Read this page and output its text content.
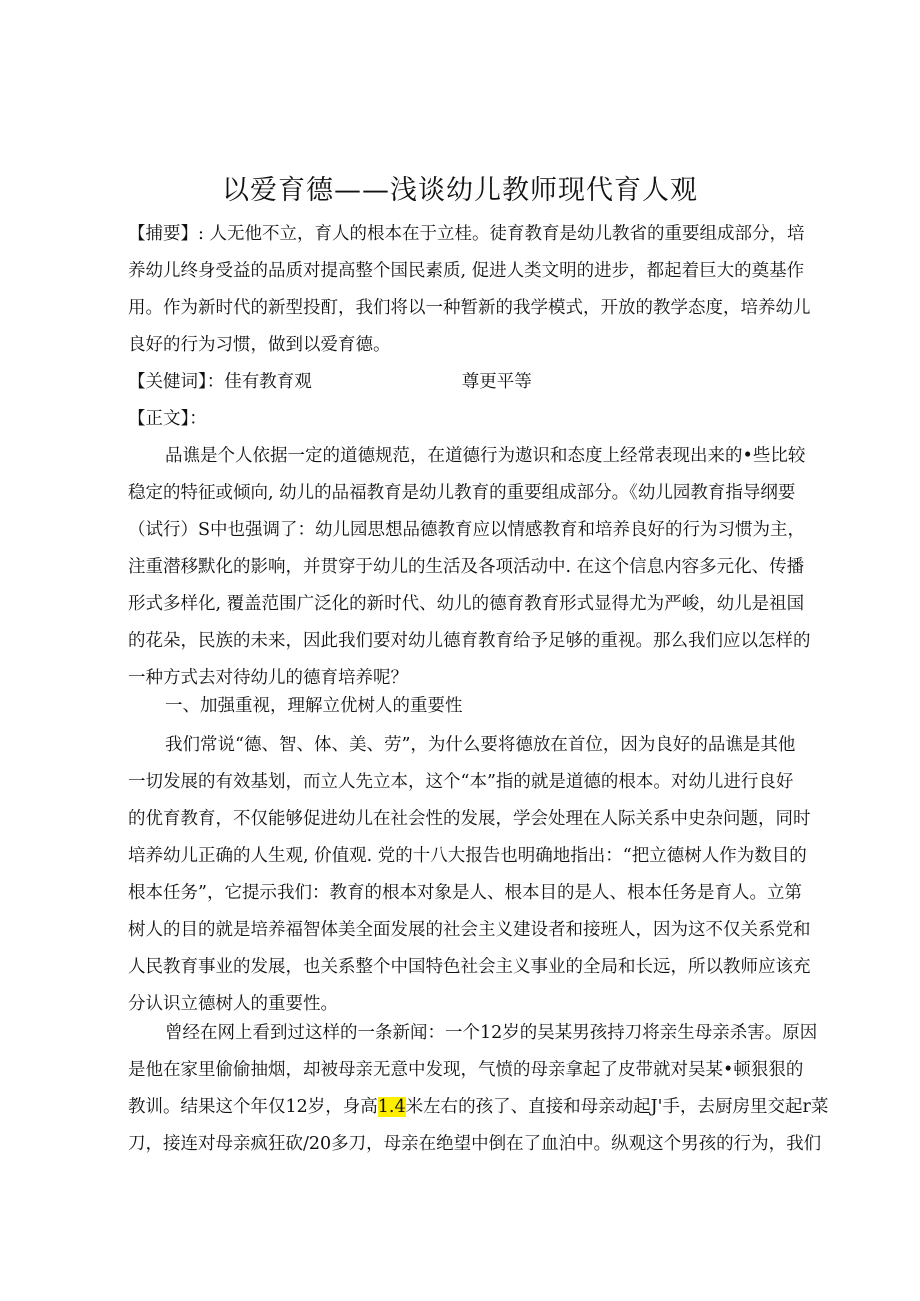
以爱育德——浅谈幼儿教师现代育人观
【捕要】: 人无他不立，育人的根本在于立桂。徒育教育是幼儿教省的重要组成部分，培
养幼儿终身受益的品质对提高整个国民素质, 促进人类文明的进步，都起着巨大的奠基作
用。作为新时代的新型投酊，我们将以一种暂新的我学模式，开放的教学态度，培养幼儿
良好的行为习惯，做到以爱育德。
【关健词】：佳有教育观	尊更平等
【正文】：
品谯是个人依据一定的道德规范，在道德行为遨识和态度上经常表现出来的•些比较
稳定的特征或倾向, 幼儿的品福教育是幼儿教育的重要组成部分。《幼儿园教育指导纲要
（试行）S中也强调了：幼儿园思想品德教育应以情感教育和培养良好的行为习惯为主，
注重潜移默化的影响，并贯穿于幼儿的生活及各项活动中. 在这个信息内容多元化、传播
形式多样化, 覆盖范围广泛化的新时代、幼儿的德育教育形式显得尤为严峻，幼儿是祖国
的花朵，民族的未来，因此我们要对幼儿德育教育给予足够的重视。那么我们应以怎样的
一种方式去对待幼儿的德育培养呢？
一、加强重视，理解立优树人的重要性
我们常说“德、智、体、美、劳”，为什么要将德放在首位，因为良好的品谯是其他
一切发展的有效基划，而立人先立本，这个“本”指的就是道德的根本。对幼儿进行良好
的优育教育，不仅能够促进幼儿在社会性的发展，学会处理在人际关系中史杂问题，同时
培养幼儿正确的人生观, 价值观. 党的十八大报告也明确地指出：“把立德树人作为数目的
根本任务”，它提示我们：教育的根本对象是人、根本目的是人、根本任务是育人。立第
树人的目的就是培养福智体美全面发展的社会主义建设者和接班人，因为这不仅关系党和
人民教育事业的发展，也关系整个中国特色社会主义事业的全局和长远，所以教师应该充
分认识立德树人的重要性。
曾经在网上看到过这样的一条新闻：一个12岁的吴某男孩持刀将亲生母亲杀害。原因
是他在家里偷偷抽烟，却被母亲无意中发现，气愤的母亲拿起了皮带就对吴某•顿狠狠的
教训。结果这个年仅12岁，身高1.4米左右的孩了、直接和母亲动起J'手，去厨房里交起r菜
刀，接连对母亲疯狂砍/20多刀，母亲在绝望中倒在了血泊中。纵观这个男孩的行为，我们
